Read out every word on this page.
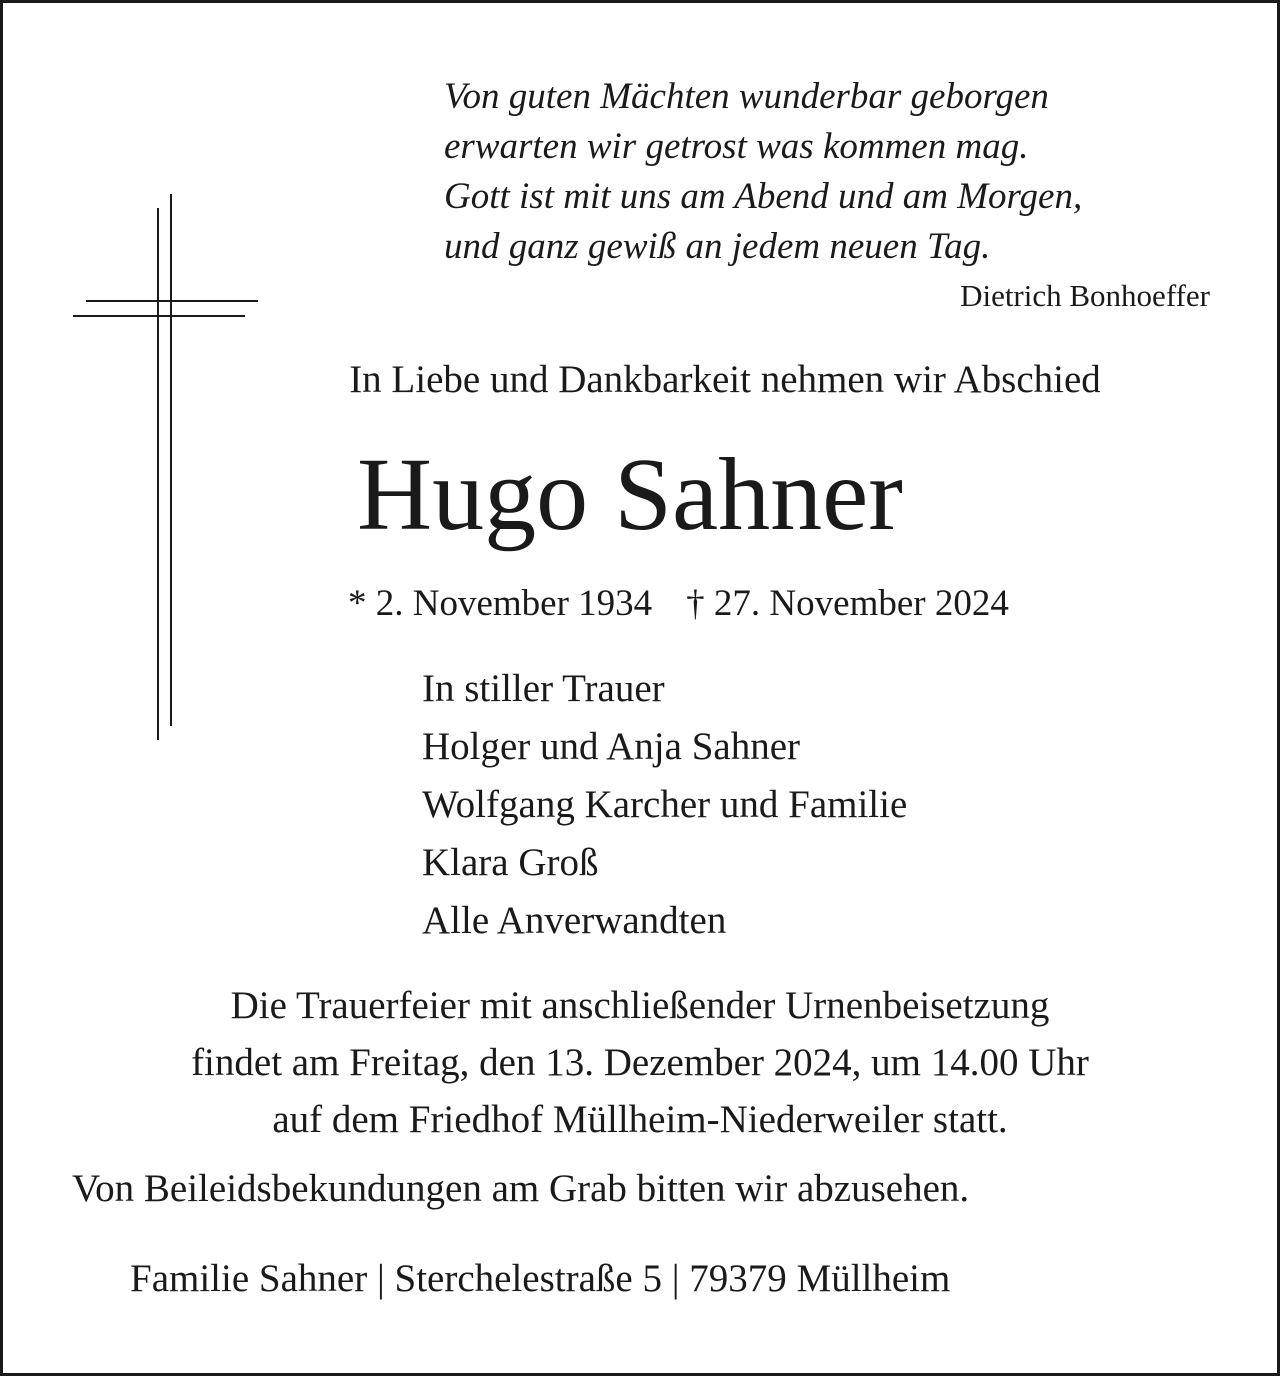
Von guten Mächten wunderbar geborgen
erwarten wir getrost was kommen mag.
Gott ist mit uns am Abend und am Morgen,
und ganz gewiß an jedem neuen Tag.
Dietrich Bonhoeffer
In Liebe und Dankbarkeit nehmen wir Abschied
Hugo Sahner
* 2. November 1934 † 27. November 2024
In stiller Trauer
Holger und Anja Sahner
Wolfgang Karcher und Familie
Klara Groß
Alle Anverwandten
Die Trauerfeier mit anschließender Urnenbeisetzung
findet am Freitag, den 13. Dezember 2024, um 14.00 Uhr
auf dem Friedhof Müllheim-Niederweiler statt.
Von Beileidsbekundungen am Grab bitten wir abzusehen.
Familie Sahner | Sterchelestraße 5 | 79379 Müllheim
